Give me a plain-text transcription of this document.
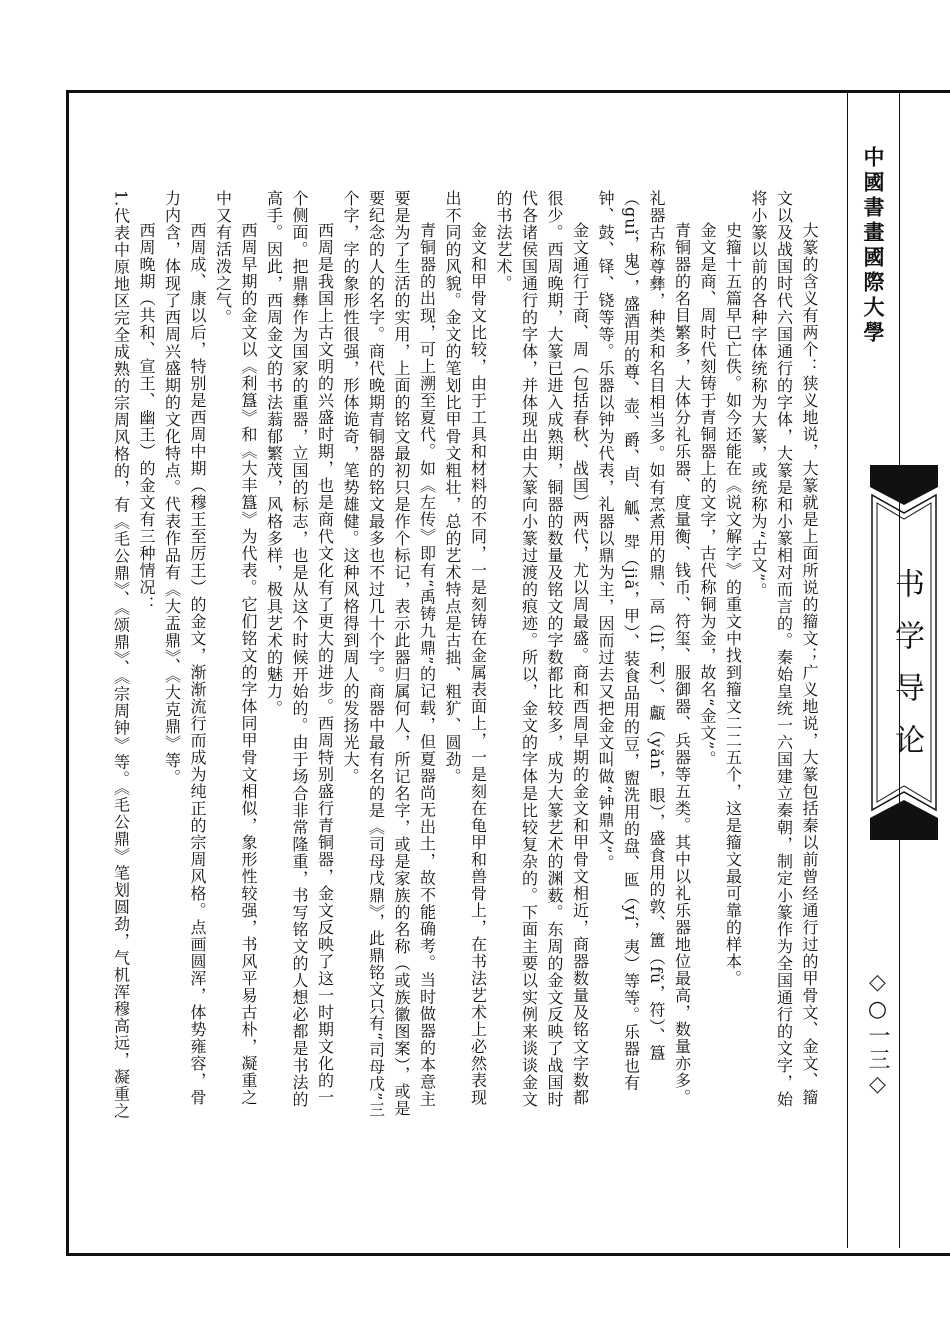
中國書畫國際大學
书学导论
◇○一三◇

大篆的含义有两个：狭义地说，大篆就是上面所说的籀文；广义地说，大篆包括秦以前曾经通行过的甲骨文、金文、籀文以及战国时代六国通行的字体，大篆是和小篆相对而言的。秦始皇统一六国建立秦朝，制定小篆作为全国通行的文字，始将小篆以前的各种字体统称为大篆，或统称为“古文”。

史籀十五篇早已亡佚。如今还能在《说文解字》的重文中找到籀文二二五个，这是籀文最可靠的样本。

金文是商、周时代刻铸于青铜器上的文字，古代称铜为金，故名“金文”。

青铜器的名目繁多，大体分礼乐器、度量衡、钱币、符玺、服御器、兵器等五类。其中以礼乐器地位最高，数量亦多。礼器古称尊彝，种类和名目相当多。如有烹煮用的鼎、鬲（lì，利）、甗（yǎn，眼），盛食用的敦、簠（fǔ，符）、簋（guǐ，鬼），盛酒用的尊、壶、爵、卣、觚、斝（jiǎ，甲）、装食品用的豆，盥洗用的盘、匜（yí，夷）等等。乐器也有钟、鼓、铎、铙等等。乐器以钟为代表，礼器以鼎为主，因而过去又把金文叫做“钟鼎文”。

金文通行于商、周（包括春秋、战国）两代，尤以周最盛。商和西周早期的金文和甲骨文相近，商器数量及铭文字数都很少。西周晚期，大篆已进入成熟期，铜器的数量及铭文的字数都比较多，成为大篆艺术的渊薮。东周的金文反映了战国时代各诸侯国通行的字体，并体现出由大篆向小篆过渡的痕迹。所以，金文的字体是比较复杂的。下面主要以实例来谈谈金文的书法艺术。

金文和甲骨文比较，由于工具和材料的不同，一是刻铸在金属表面上，一是刻在龟甲和兽骨上，在书法艺术上必然表现出不同的风貌。金文的笔划比甲骨文粗壮，总的艺术特点是古拙、粗犷、圆劲。

青铜器的出现，可上溯至夏代。如《左传》即有“禹铸九鼎”的记载，但夏器尚无出土，故不能确考。当时做器的本意主要是为了生活的实用，上面的铭文最初只是作个标记，表示此器归属何人，所记名字，或是家族的名称（或族徽图案），或是要纪念的人的名字。商代晚期青铜器的铭文最多也不过几十个字。商器中最有名的是《司母戊鼎》，此鼎铭文只有“司母戊”三个字，字的象形性很强，形体诡奇，笔势雄健。这种风格得到周人的发扬光大。

西周是我国上古文明的兴盛时期，也是商代文化有了更大的进步。西周特别盛行青铜器，金文反映了这一时期文化的一个侧面。把鼎彝作为国家的重器，立国的标志，也是从这个时候开始的。由于场合非常隆重，书写铭文的人想必都是书法的高手。因此，西周金文的书法蓊郁繁茂，风格多样，极具艺术的魅力。

西周早期的金文以《利簋》和《大丰簋》为代表。它们铭文的字体同甲骨文相似，象形性较强，书风平易古朴，凝重之中又有活泼之气。

西周成、康以后，特别是西周中期（穆王至厉王）的金文，渐渐流行而成为纯正的宗周风格。点画圆浑，体势雍容，骨力内含，体现了西周兴盛期的文化特点。代表作品有《大盂鼎》、《大克鼎》等。

西周晚期（共和、宣王、幽王）的金文有三种情况：

1.代表中原地区完全成熟的宗周风格的，有《毛公鼎》、《颂鼎》、《宗周钟》等。《毛公鼎》笔划圆劲，气机浑穆高远，凝重之
